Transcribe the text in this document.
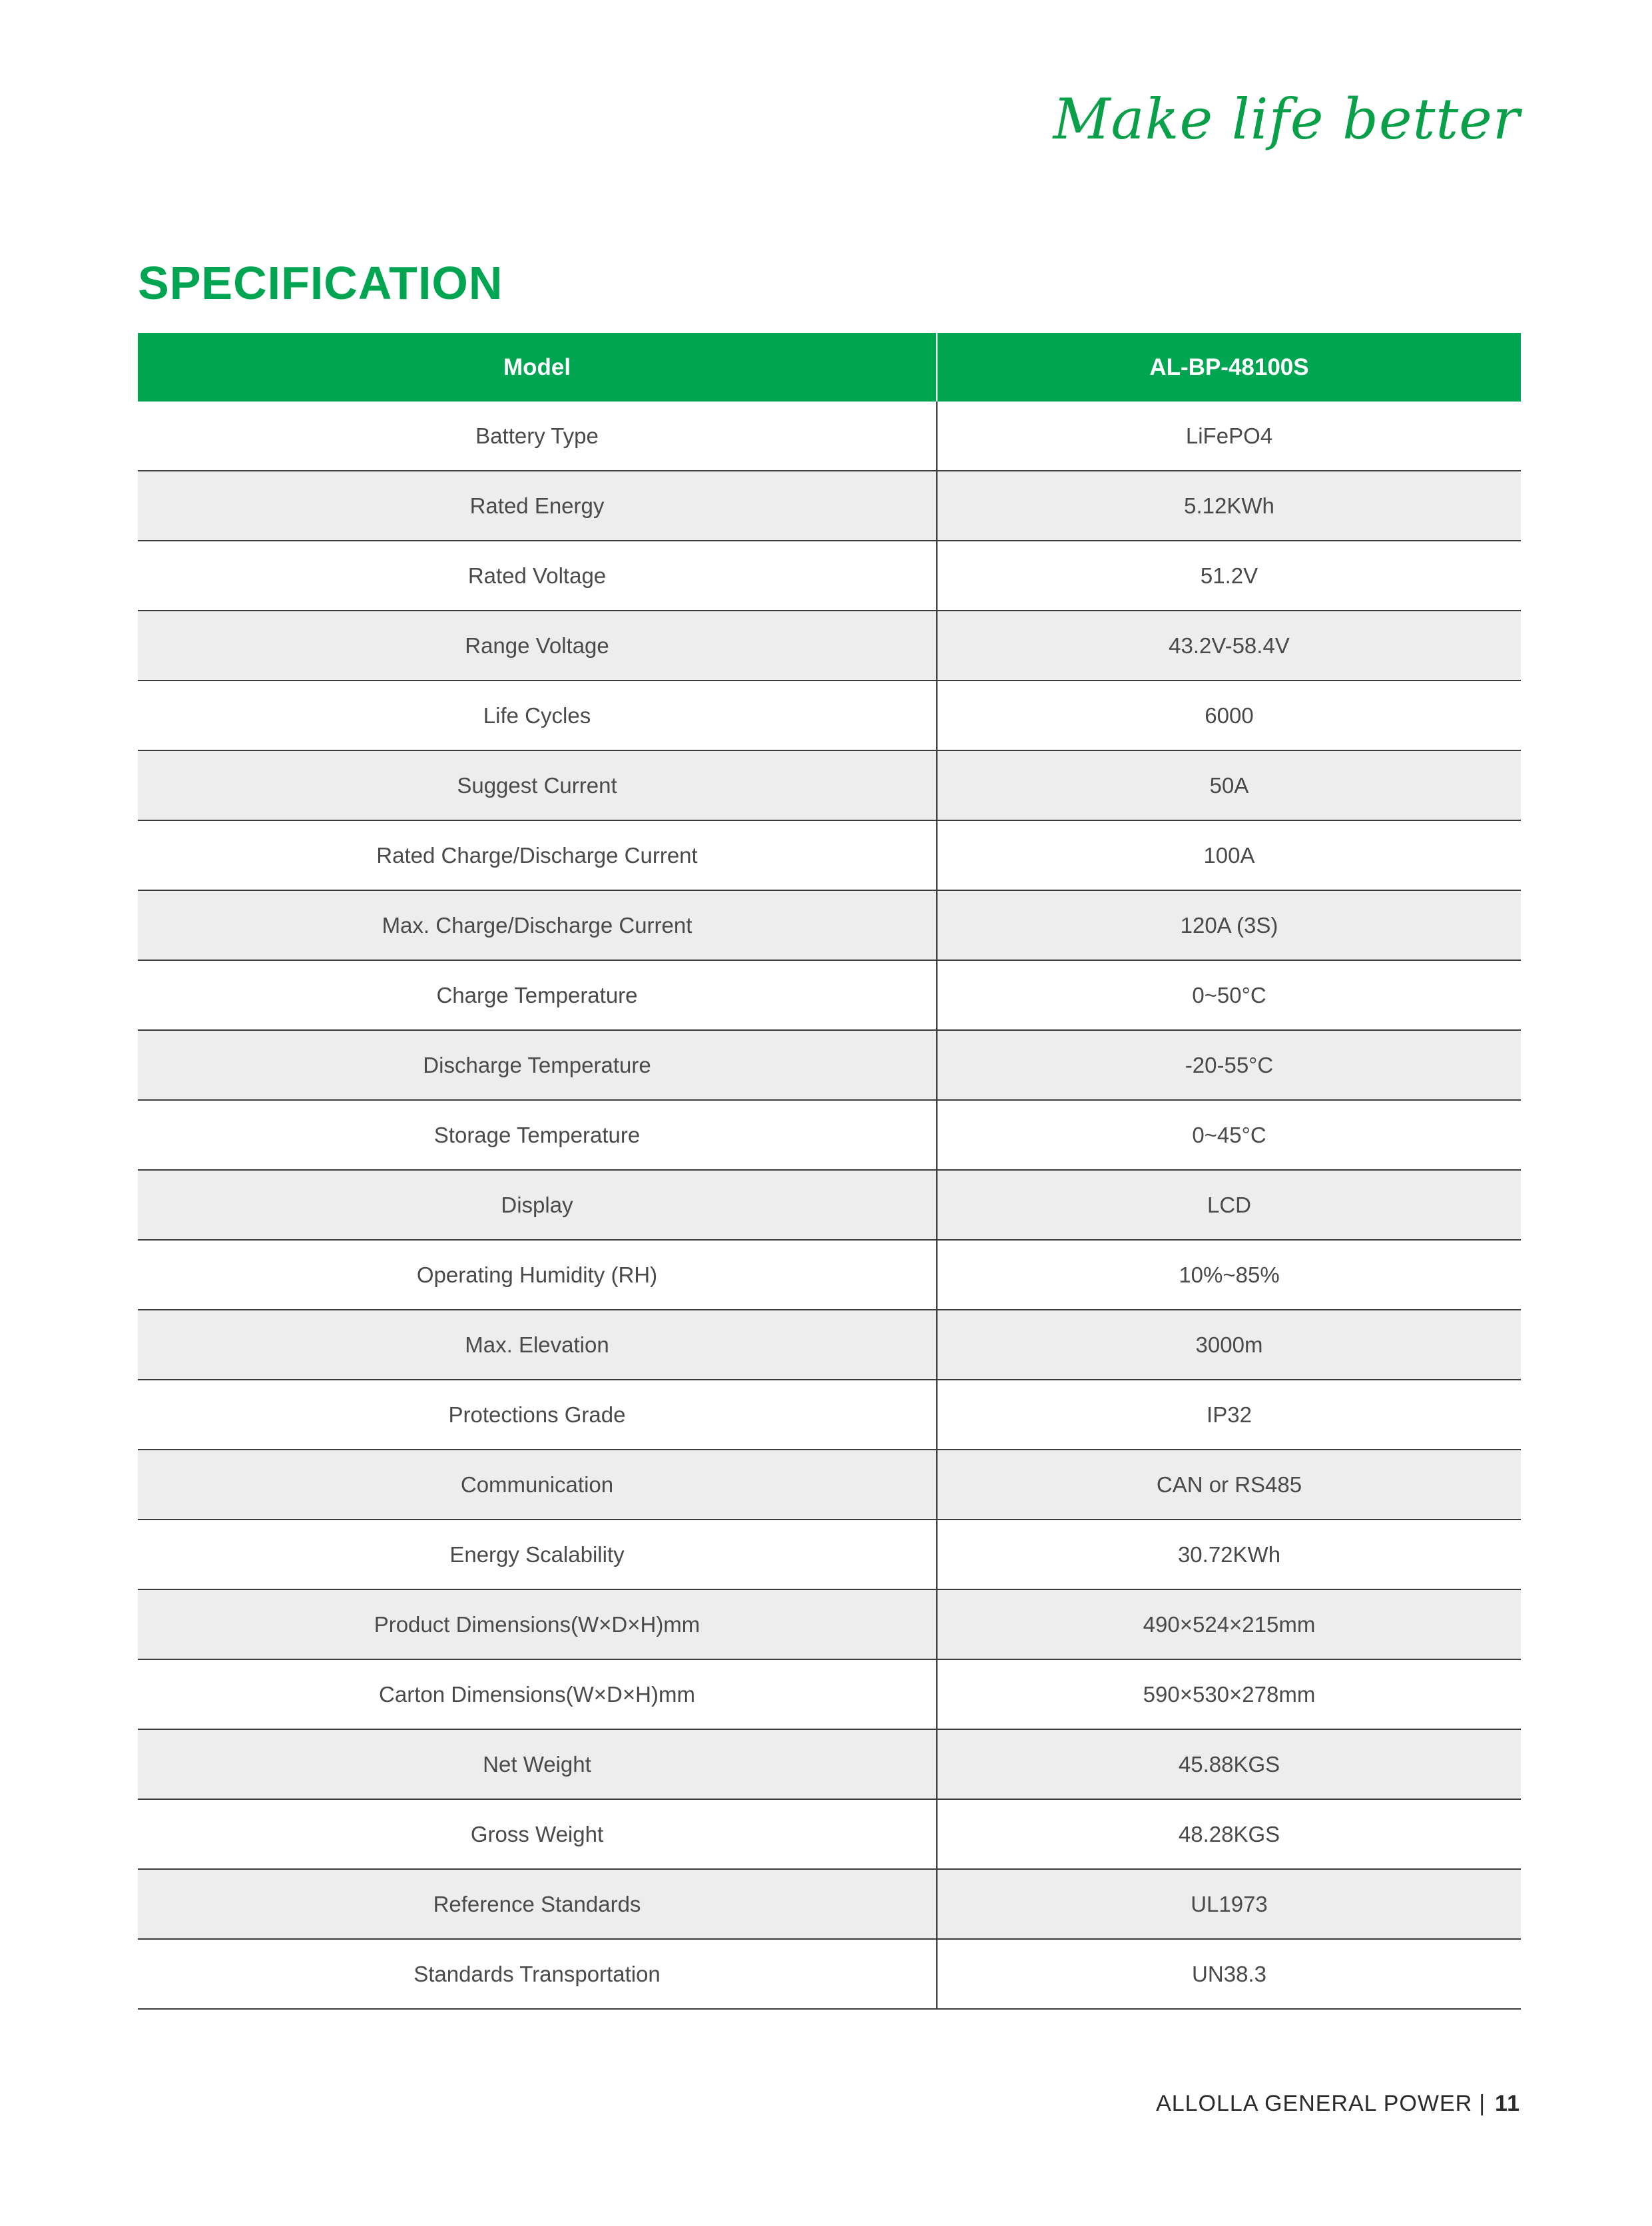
Make life better
SPECIFICATION
Model	AL-BP-48100S
Battery Type	LiFePO4
Rated Energy	5.12KWh
Rated Voltage	51.2V
Range Voltage	43.2V-58.4V
Life Cycles	6000
Suggest Current	50A
Rated Charge/Discharge Current	100A
Max. Charge/Discharge Current	120A (3S)
Charge Temperature	0~50°C
Discharge Temperature	-20-55°C
Storage Temperature	0~45°C
Display	LCD
Operating Humidity (RH)	10%~85%
Max. Elevation	3000m
Protections Grade	IP32
Communication	CAN or RS485
Energy Scalability	30.72KWh
Product Dimensions(W×D×H)mm	490×524×215mm
Carton Dimensions(W×D×H)mm	590×530×278mm
Net Weight	45.88KGS
Gross Weight	48.28KGS
Reference Standards	UL1973
Standards Transportation	UN38.3
ALLOLLA GENERAL POWER | 11
